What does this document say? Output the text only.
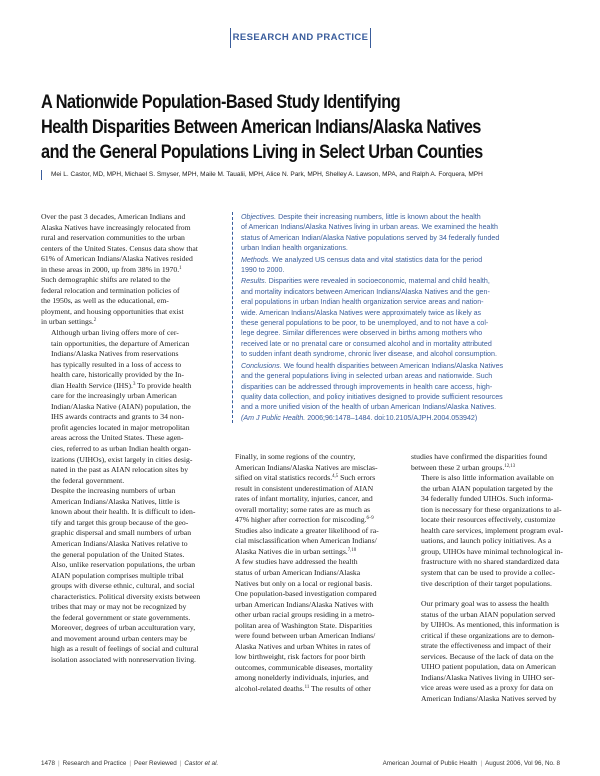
RESEARCH AND PRACTICE
A Nationwide Population-Based Study Identifying
Health Disparities Between American Indians/Alaska Natives
and the General Populations Living in Select Urban Counties
Mei L. Castor, MD, MPH, Michael S. Smyser, MPH, Maile M. Taualii, MPH, Alice N. Park, MPH, Shelley A. Lawson, MPA, and Ralph A. Forquera, MPH

Over the past 3 decades, American Indians and
Alaska Natives have increasingly relocated from
rural and reservation communities to the urban
centers of the United States. Census data show that
61% of American Indians/Alaska Natives resided
in these areas in 2000, up from 38% in 1970.$^1$
Such demographic shifts are related to the
federal relocation and termination policies of
the 1950s, as well as the educational, em-
ployment, and housing opportunities that exist
in urban settings.$^2$

Although urban living offers more of cer-
tain opportunities, the departure of American
Indians/Alaska Natives from reservations
has typically resulted in a loss of access to
health care, historically provided by the In-
dian Health Service (IHS).$^3$ To provide health
care for the increasingly urban American
Indian/Alaska Native (AIAN) population, the
IHS awards contracts and grants to 34 non-
profit agencies located in major metropolitan
areas across the United States. These agen-
cies, referred to as urban Indian health organ-
izations (UIHOs), exist largely in cities desig-
nated in the past as AIAN relocation sites by
the federal government.

Despite the increasing numbers of urban
American Indians/Alaska Natives, little is
known about their health. It is difficult to iden-
tify and target this group because of the geo-
graphic dispersal and small numbers of urban
American Indians/Alaska Natives relative to
the general population of the United States.
Also, unlike reservation populations, the urban
AIAN population comprises multiple tribal
groups with diverse ethnic, cultural, and social
characteristics. Political diversity exists between
tribes that may or may not be recognized by
the federal government or state governments.
Moreover, degrees of urban acculturation vary,
and movement around urban centers may be
high as a result of feelings of social and cultural
isolation associated with nonreservation living.

Objectives. Despite their increasing numbers, little is known about the health
of American Indians/Alaska Natives living in urban areas. We examined the health
status of American Indian/Alaska Native populations served by 34 federally funded
urban Indian health organizations.

Methods. We analyzed US census data and vital statistics data for the period
1990 to 2000.

Results. Disparities were revealed in socioeconomic, maternal and child health,
and mortality indicators between American Indians/Alaska Natives and the gen-
eral populations in urban Indian health organization service areas and nation-
wide. American Indians/Alaska Natives were approximately twice as likely as
these general populations to be poor, to be unemployed, and to not have a col-
lege degree. Similar differences were observed in births among mothers who
received late or no prenatal care or consumed alcohol and in mortality attributed
to sudden infant death syndrome, chronic liver disease, and alcohol consumption.

Conclusions. We found health disparities between American Indians/Alaska Natives
and the general populations living in selected urban areas and nationwide. Such
disparities can be addressed through improvements in health care access, high-
quality data collection, and policy initiatives designed to provide sufficient resources
and a more unified vision of the health of urban American Indians/Alaska Natives.
(Am J Public Health. 2006;96:1478–1484. doi:10.2105/AJPH.2004.053942)

Finally, in some regions of the country,
American Indians/Alaska Natives are misclas-
sified on vital statistics records.$^{4,5}$ Such errors
result in consistent underestimation of AIAN
rates of infant mortality, injuries, cancer, and
overall mortality; some rates are as much as
47% higher after correction for miscoding.$^{6-9}$
Studies also indicate a greater likelihood of ra-
cial misclassification when American Indians/
Alaska Natives die in urban settings.$^{7,10}$

A few studies have addressed the health
status of urban American Indians/Alaska
Natives but only on a local or regional basis.
One population-based investigation compared
urban American Indians/Alaska Natives with
other urban racial groups residing in a metro-
politan area of Washington State. Disparities
were found between urban American Indians/
Alaska Natives and urban Whites in rates of
low birthweight, risk factors for poor birth
outcomes, communicable diseases, mortality
among nonelderly individuals, injuries, and
alcohol-related deaths.$^{11}$ The results of other

studies have confirmed the disparities found
between these 2 urban groups.$^{12,13}$

There is also little information available on
the urban AIAN population targeted by the
34 federally funded UIHOs. Such informa-
tion is necessary for these organizations to al-
locate their resources effectively, customize
health care services, implement program eval-
uations, and launch policy initiatives. As a
group, UIHOs have minimal technological in-
frastructure with no shared standardized data
system that can be used to provide a collec-
tive description of their target populations.

Our primary goal was to assess the health
status of the urban AIAN population served
by UIHOs. As mentioned, this information is
critical if these organizations are to demon-
strate the effectiveness and impact of their
services. Because of the lack of data on the
UIHO patient population, data on American
Indians/Alaska Natives living in UIHO ser-
vice areas were used as a proxy for data on
American Indians/Alaska Natives served by

1478 | Research and Practice | Peer Reviewed | Castor et al.	American Journal of Public Health | August 2006, Vol 96, No. 8
